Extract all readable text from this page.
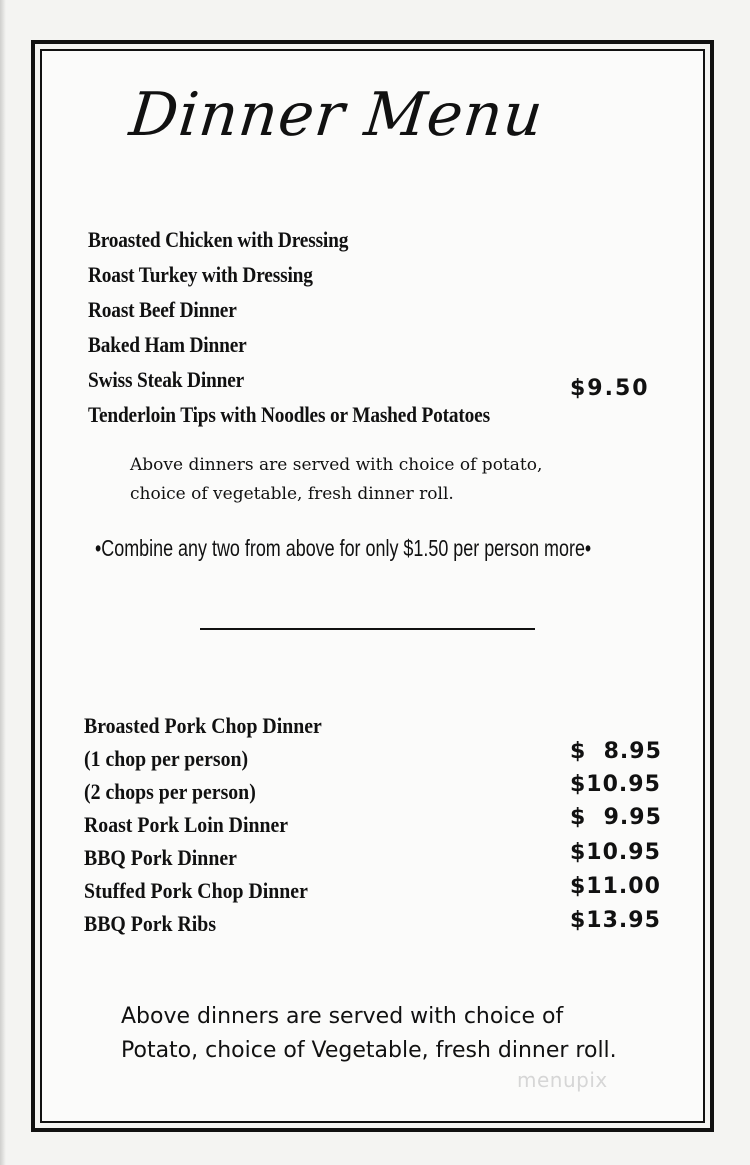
Dinner Menu
Broasted Chicken with Dressing
Roast Turkey with Dressing
Roast Beef Dinner
Baked Ham Dinner
Swiss Steak Dinner
Tenderloin Tips with Noodles or Mashed Potatoes
$9.50
Above dinners are served with choice of potato,
choice of vegetable, fresh dinner roll.
•Combine any two from above for only $1.50 per person more•
Broasted Pork Chop Dinner
(1 chop per person)
(2 chops per person)
Roast Pork Loin Dinner
BBQ Pork Dinner
Stuffed Pork Chop Dinner
BBQ Pork Ribs
$  8.95
$10.95
$  9.95
$10.95
$11.00
$13.95
Above dinners are served with choice of
Potato, choice of Vegetable, fresh dinner roll.
menupix
